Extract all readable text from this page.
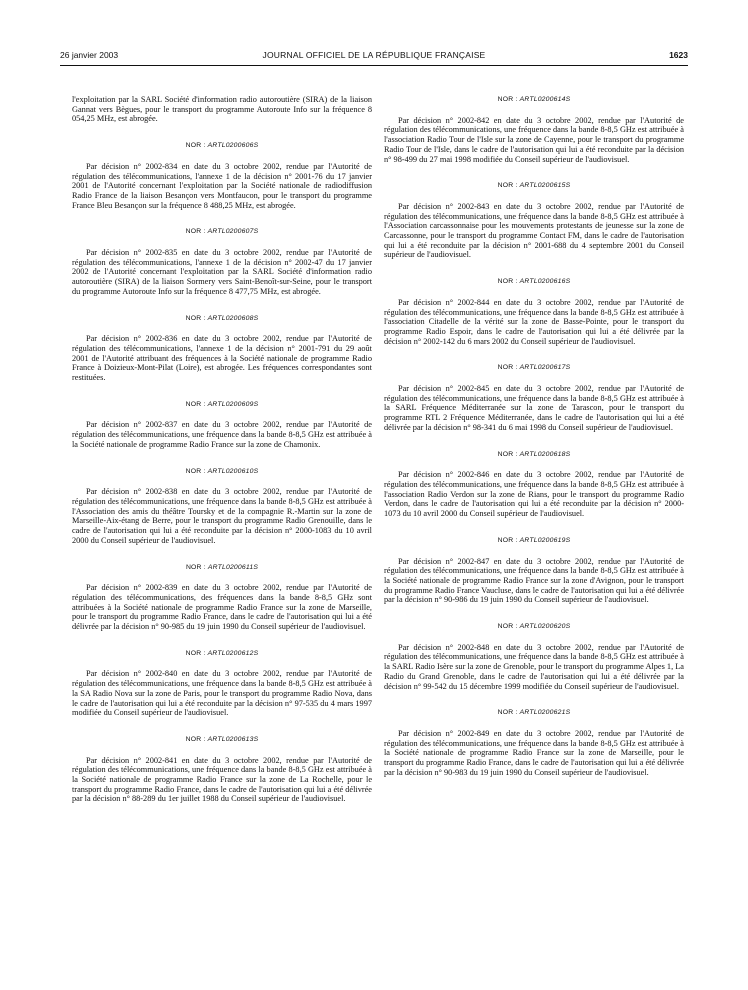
26 janvier 2003	JOURNAL OFFICIEL DE LA RÉPUBLIQUE FRANÇAISE	1623

l'exploitation par la SARL Société d'information radio autoroutière (SIRA) de la liaison Gannat vers Bègues, pour le transport du programme Autoroute Info sur la fréquence 8 054,25 MHz, est abrogée.

NOR : ARTL0200606S

Par décision n° 2002-834 en date du 3 octobre 2002, rendue par l'Autorité de régulation des télécommunications, l'annexe 1 de la décision n° 2001-76 du 17 janvier 2001 de l'Autorité concernant l'exploitation par la Société nationale de radiodiffusion Radio France de la liaison Besançon vers Montfaucon, pour le transport du programme France Bleu Besançon sur la fréquence 8 488,25 MHz, est abrogée.

NOR : ARTL0200607S

Par décision n° 2002-835 en date du 3 octobre 2002, rendue par l'Autorité de régulation des télécommunications, l'annexe 1 de la décision n° 2002-47 du 17 janvier 2002 de l'Autorité concernant l'exploitation par la SARL Société d'information radio autoroutière (SIRA) de la liaison Sormery vers Saint-Benoît-sur-Seine, pour le transport du programme Autoroute Info sur la fréquence 8 477,75 MHz, est abrogée.

NOR : ARTL0200608S

Par décision n° 2002-836 en date du 3 octobre 2002, rendue par l'Autorité de régulation des télécommunications, l'annexe 1 de la décision n° 2001-791 du 29 août 2001 de l'Autorité attribuant des fréquences à la Société nationale de programme Radio France à Doizieux-Mont-Pilat (Loire), est abrogée. Les fréquences correspondantes sont restituées.

NOR : ARTL0200609S

Par décision n° 2002-837 en date du 3 octobre 2002, rendue par l'Autorité de régulation des télécommunications, une fréquence dans la bande 8-8,5 GHz est attribuée à la Société nationale de programme Radio France sur la zone de Chamonix.

NOR : ARTL0200610S

Par décision n° 2002-838 en date du 3 octobre 2002, rendue par l'Autorité de régulation des télécommunications, une fréquence dans la bande 8-8,5 GHz est attribuée à l'Association des amis du théâtre Toursky et de la compagnie R.-Martin sur la zone de Marseille-Aix-étang de Berre, pour le transport du programme Radio Grenouille, dans le cadre de l'autorisation qui lui a été reconduite par la décision n° 2000-1083 du 10 avril 2000 du Conseil supérieur de l'audiovisuel.

NOR : ARTL0200611S

Par décision n° 2002-839 en date du 3 octobre 2002, rendue par l'Autorité de régulation des télécommunications, des fréquences dans la bande 8-8,5 GHz sont attribuées à la Société nationale de programme Radio France sur la zone de Marseille, pour le transport du programme Radio France, dans le cadre de l'autorisation qui lui a été délivrée par la décision n° 90-985 du 19 juin 1990 du Conseil supérieur de l'audiovisuel.

NOR : ARTL0200612S

Par décision n° 2002-840 en date du 3 octobre 2002, rendue par l'Autorité de régulation des télécommunications, une fréquence dans la bande 8-8,5 GHz est attribuée à la SA Radio Nova sur la zone de Paris, pour le transport du programme Radio Nova, dans le cadre de l'autorisation qui lui a été reconduite par la décision n° 97-535 du 4 mars 1997 modifiée du Conseil supérieur de l'audiovisuel.

NOR : ARTL0200613S

Par décision n° 2002-841 en date du 3 octobre 2002, rendue par l'Autorité de régulation des télécommunications, une fréquence dans la bande 8-8,5 GHz est attribuée à la Société nationale de programme Radio France sur la zone de La Rochelle, pour le transport du programme Radio France, dans le cadre de l'autorisation qui lui a été délivrée par la décision n° 88-289 du 1er juillet 1988 du Conseil supérieur de l'audiovisuel.

NOR : ARTL0200614S

Par décision n° 2002-842 en date du 3 octobre 2002, rendue par l'Autorité de régulation des télécommunications, une fréquence dans la bande 8-8,5 GHz est attribuée à l'association Radio Tour de l'Isle sur la zone de Cayenne, pour le transport du programme Radio Tour de l'Isle, dans le cadre de l'autorisation qui lui a été reconduite par la décision n° 98-499 du 27 mai 1998 modifiée du Conseil supérieur de l'audiovisuel.

NOR : ARTL0200615S

Par décision n° 2002-843 en date du 3 octobre 2002, rendue par l'Autorité de régulation des télécommunications, une fréquence dans la bande 8-8,5 GHz est attribuée à l'Association carcassonnaise pour les mouvements protestants de jeunesse sur la zone de Carcassonne, pour le transport du programme Contact FM, dans le cadre de l'autorisation qui lui a été reconduite par la décision n° 2001-688 du 4 septembre 2001 du Conseil supérieur de l'audiovisuel.

NOR : ARTL0200616S

Par décision n° 2002-844 en date du 3 octobre 2002, rendue par l'Autorité de régulation des télécommunications, une fréquence dans la bande 8-8,5 GHz est attribuée à l'association Citadelle de la vérité sur la zone de Basse-Pointe, pour le transport du programme Radio Espoir, dans le cadre de l'autorisation qui lui a été délivrée par la décision n° 2002-142 du 6 mars 2002 du Conseil supérieur de l'audiovisuel.

NOR : ARTL0200617S

Par décision n° 2002-845 en date du 3 octobre 2002, rendue par l'Autorité de régulation des télécommunications, une fréquence dans la bande 8-8,5 GHz est attribuée à la SARL Fréquence Méditerranée sur la zone de Tarascon, pour le transport du programme RTL 2 Fréquence Méditerranée, dans le cadre de l'autorisation qui lui a été délivrée par la décision n° 98-341 du 6 mai 1998 du Conseil supérieur de l'audiovisuel.

NOR : ARTL0200618S

Par décision n° 2002-846 en date du 3 octobre 2002, rendue par l'Autorité de régulation des télécommunications, une fréquence dans la bande 8-8,5 GHz est attribuée à l'association Radio Verdon sur la zone de Rians, pour le transport du programme Radio Verdon, dans le cadre de l'autorisation qui lui a été reconduite par la décision n° 2000-1073 du 10 avril 2000 du Conseil supérieur de l'audiovisuel.

NOR : ARTL0200619S

Par décision n° 2002-847 en date du 3 octobre 2002, rendue par l'Autorité de régulation des télécommunications, une fréquence dans la bande 8-8,5 GHz est attribuée à la Société nationale de programme Radio France sur la zone d'Avignon, pour le transport du programme Radio France Vaucluse, dans le cadre de l'autorisation qui lui a été délivrée par la décision n° 90-986 du 19 juin 1990 du Conseil supérieur de l'audiovisuel.

NOR : ARTL0200620S

Par décision n° 2002-848 en date du 3 octobre 2002, rendue par l'Autorité de régulation des télécommunications, une fréquence dans la bande 8-8,5 GHz est attribuée à la SARL Radio Isère sur la zone de Grenoble, pour le transport du programme Alpes 1, La Radio du Grand Grenoble, dans le cadre de l'autorisation qui lui a été délivrée par la décision n° 99-542 du 15 décembre 1999 modifiée du Conseil supérieur de l'audiovisuel.

NOR : ARTL0200621S

Par décision n° 2002-849 en date du 3 octobre 2002, rendue par l'Autorité de régulation des télécommunications, une fréquence dans la bande 8-8,5 GHz est attribuée à la Société nationale de programme Radio France sur la zone de Marseille, pour le transport du programme Radio France, dans le cadre de l'autorisation qui lui a été délivrée par la décision n° 90-983 du 19 juin 1990 du Conseil supérieur de l'audiovisuel.
